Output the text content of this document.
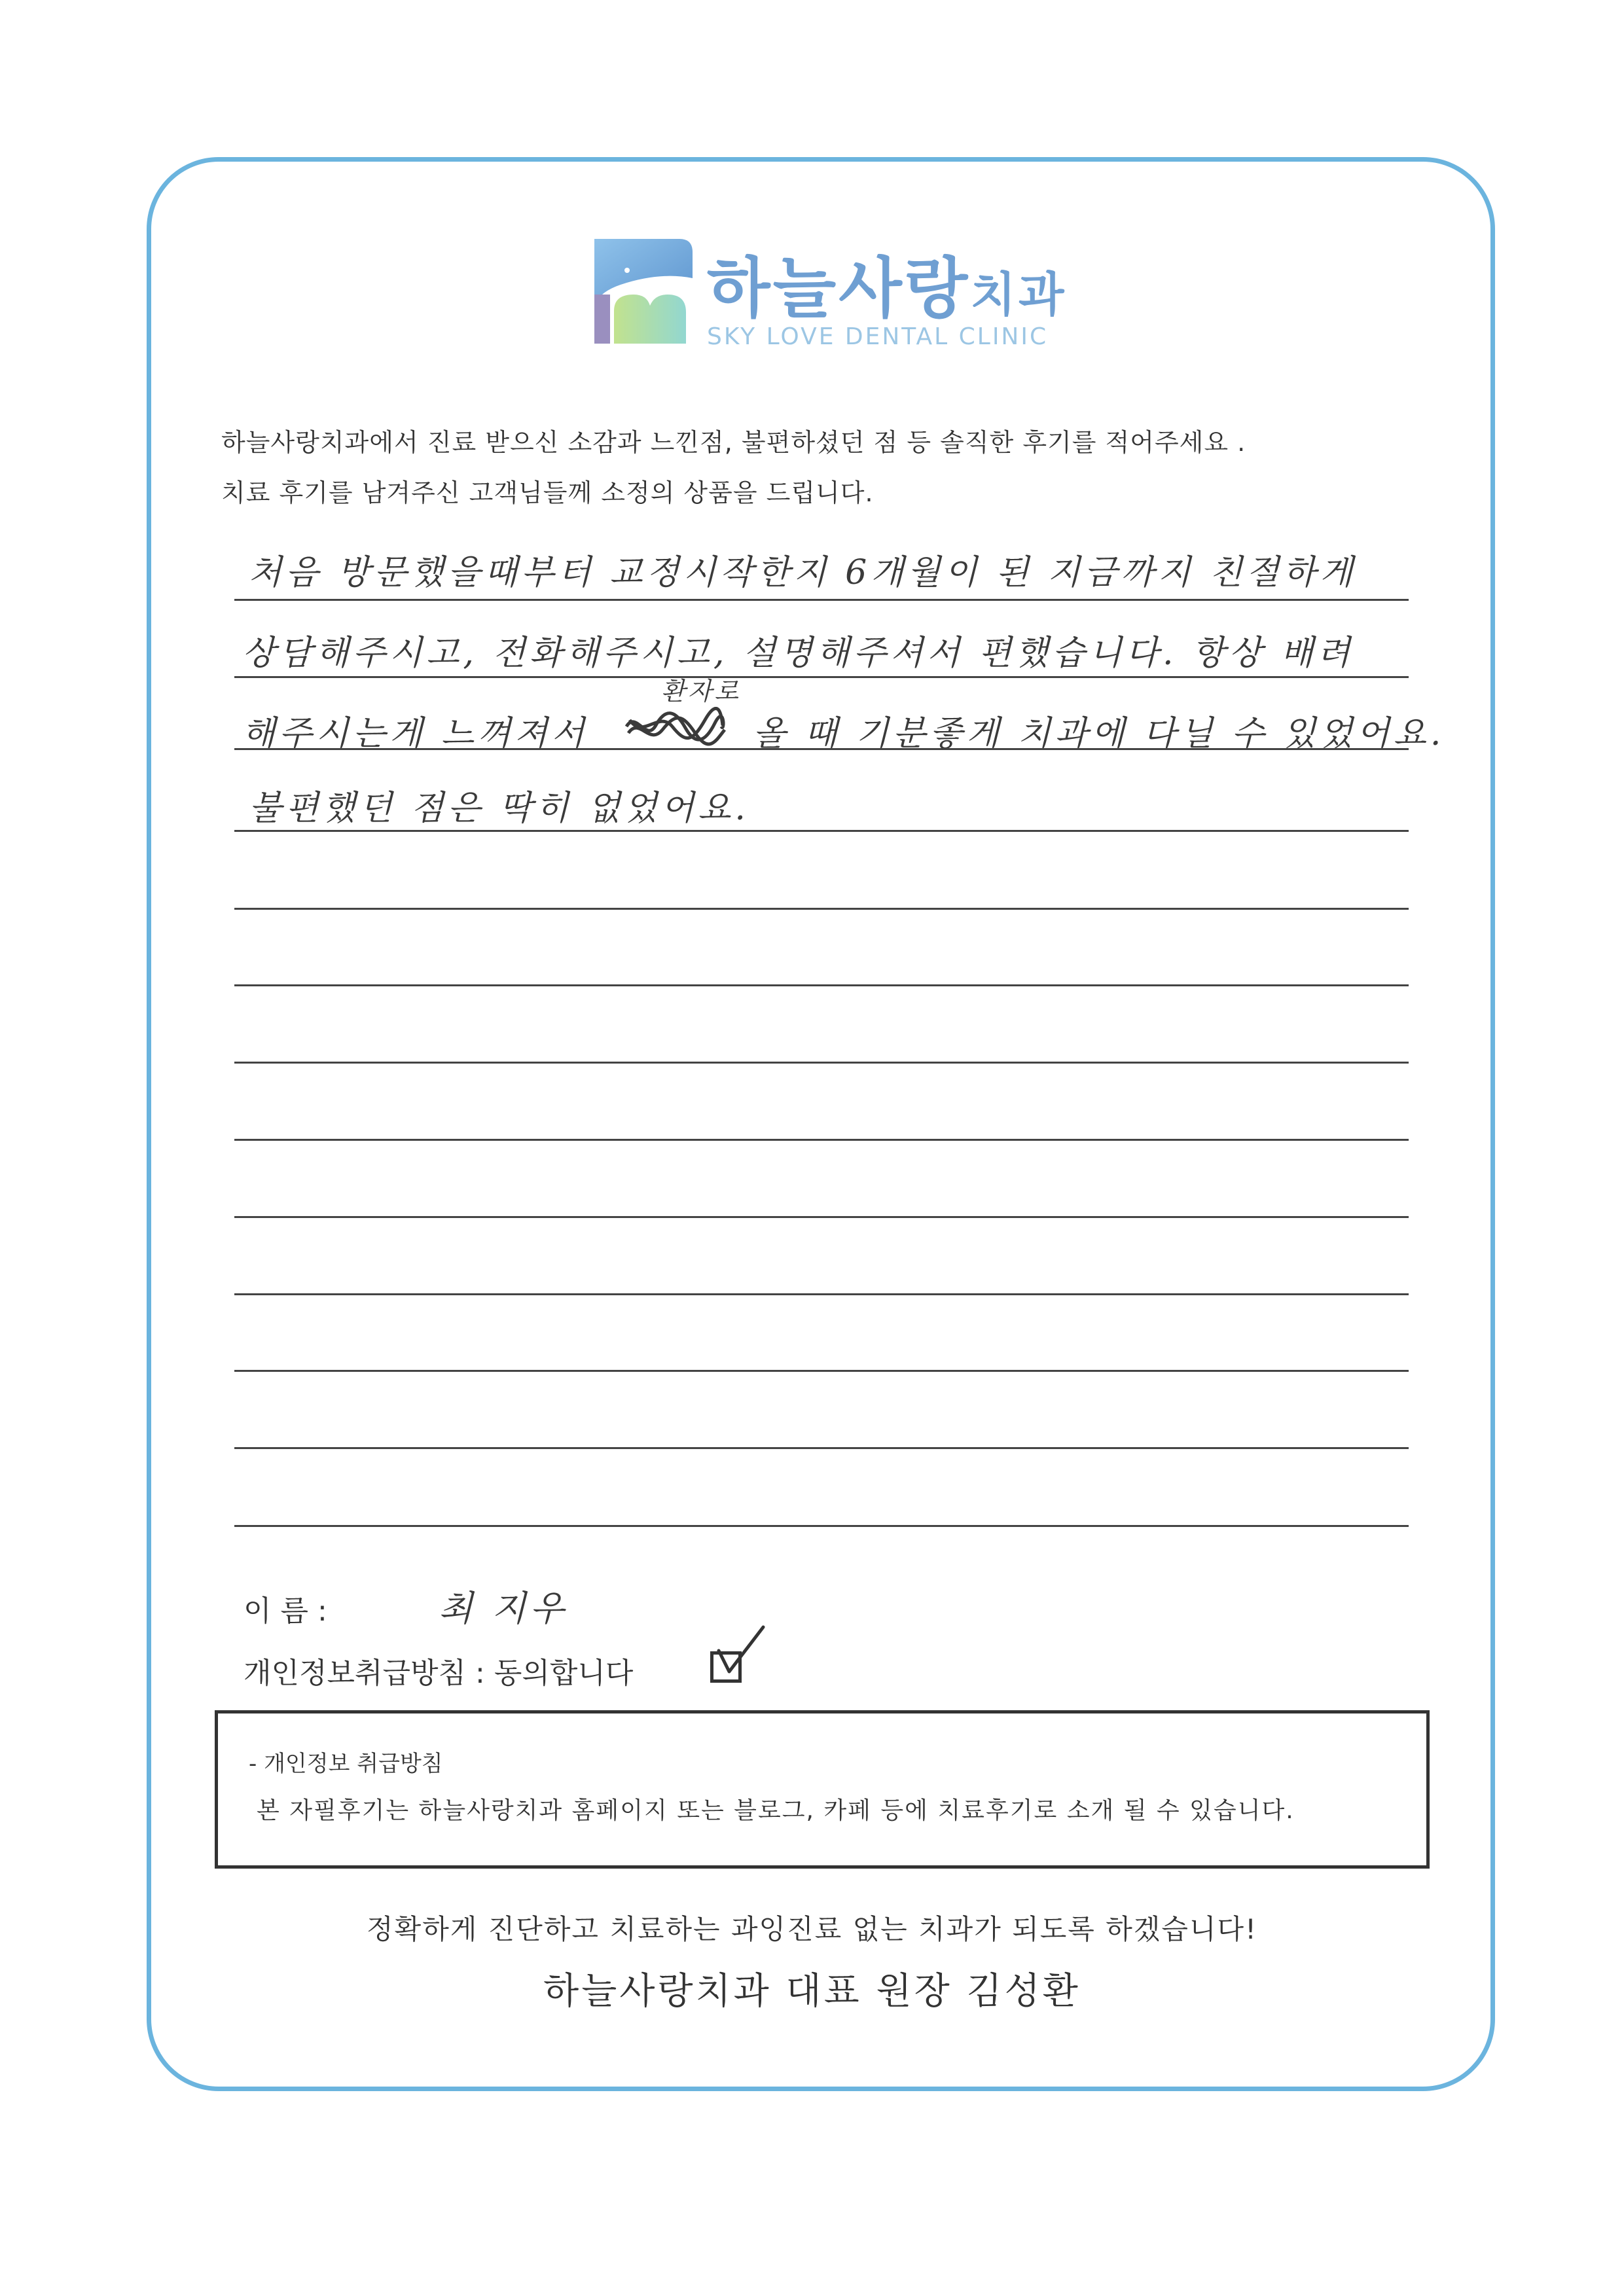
하늘사랑치과
SKY LOVE DENTAL CLINIC
하늘사랑치과에서 진료 받으신 소감과 느낀점, 불편하셨던 점 등 솔직한 후기를 적어주세요 .
치료 후기를 남겨주신 고객님들께 소정의 상품을 드립니다.
처음 방문했을때부터 교정시작한지 6개월이 된 지금까지 친절하게
상담해주시고, 전화해주시고, 설명해주셔서 편했습니다. 항상 배려
환자로
해주시는게 느껴져서	올 때 기분좋게 치과에 다닐 수 있었어요.
불편했던 점은 딱히 없었어요.
이 름 :	최 지우
개인정보취급방침 : 동의합니다
- 개인정보 취급방침
본 자필후기는 하늘사랑치과 홈페이지 또는 블로그, 카페 등에 치료후기로 소개 될 수 있습니다.
정확하게 진단하고 치료하는 과잉진료 없는 치과가 되도록 하겠습니다!
하늘사랑치과 대표 원장 김성환
